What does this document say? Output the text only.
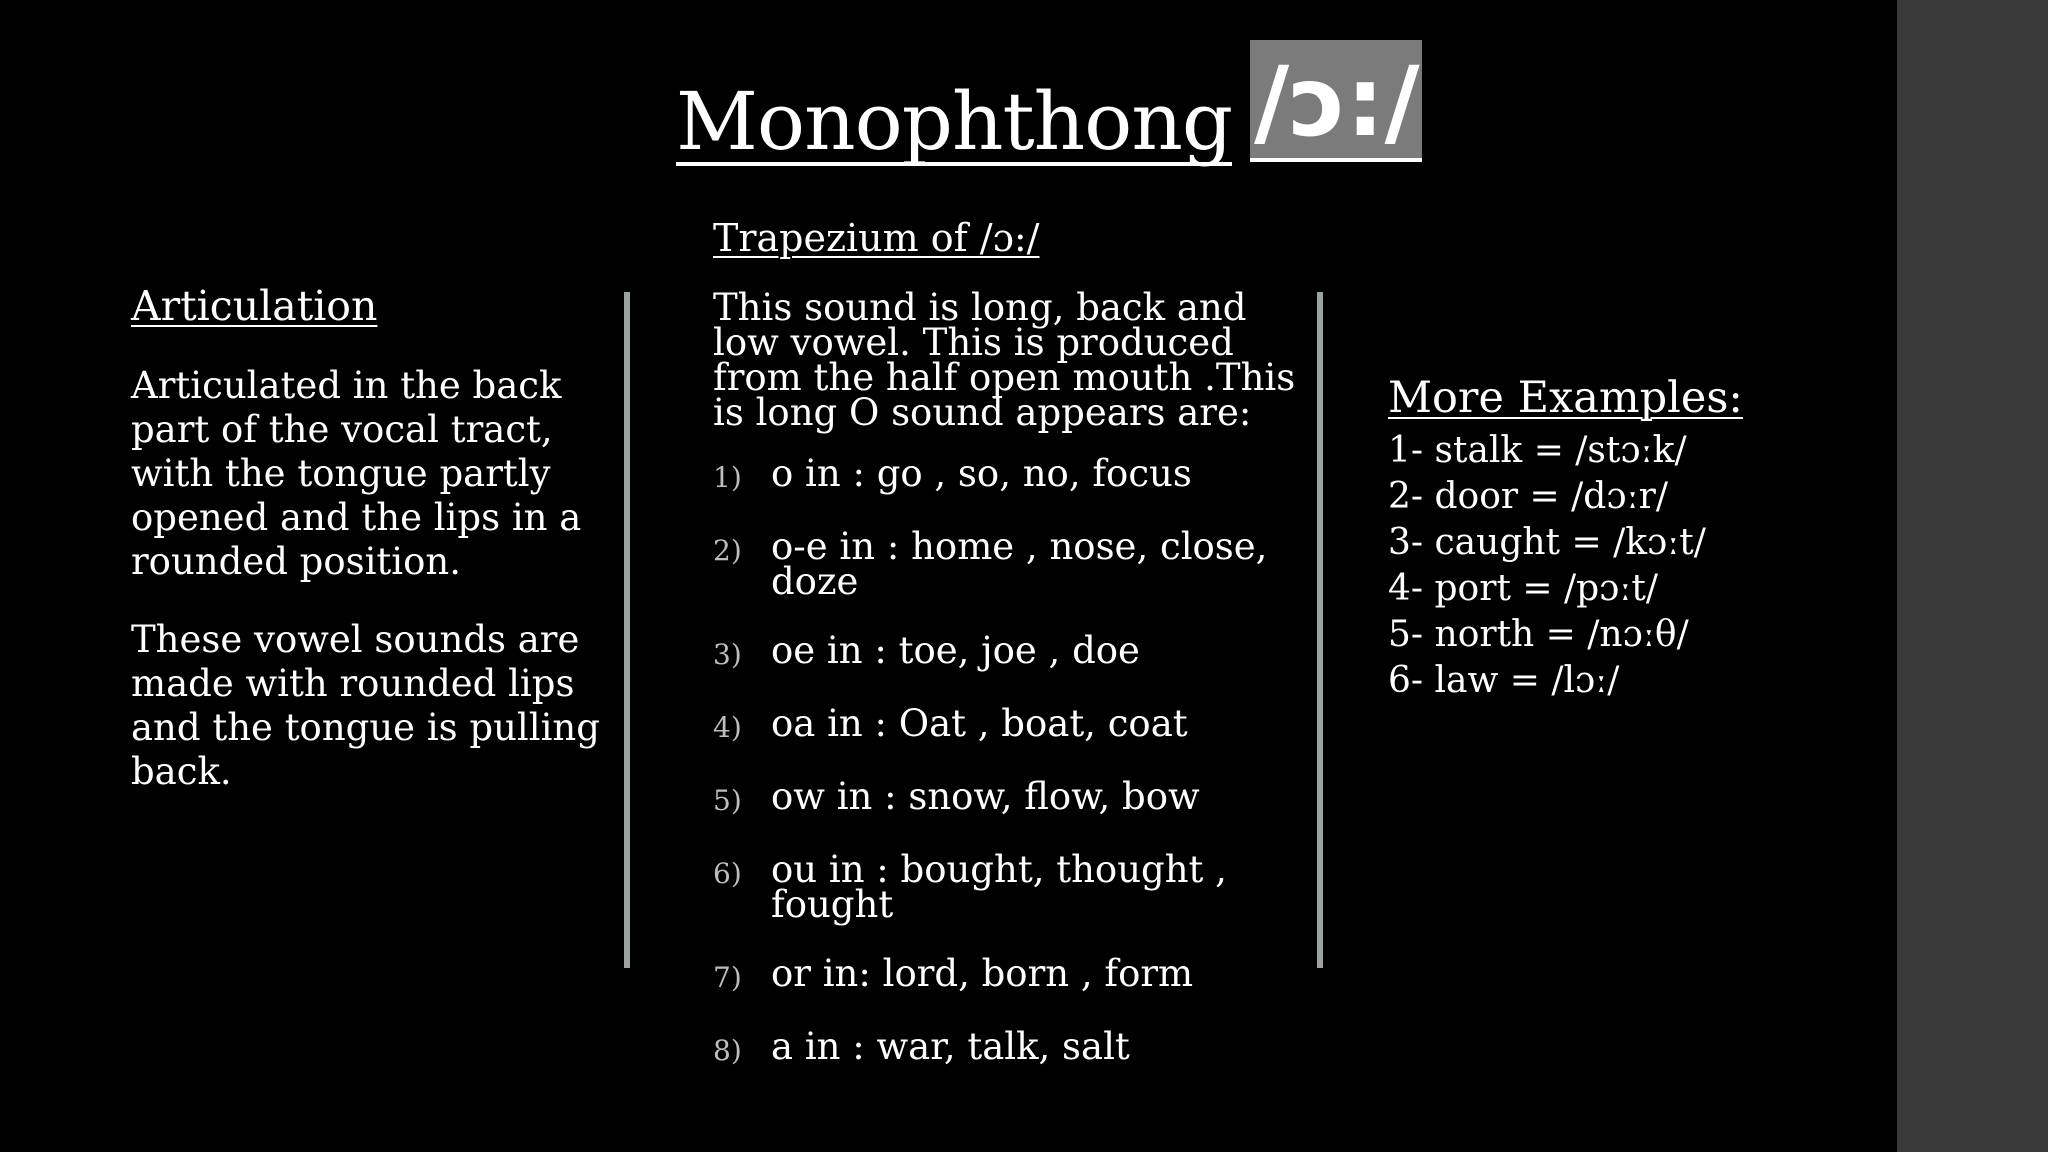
Monophthong /ɔ:/
Articulation

Articulated in the back part of the vocal tract, with the tongue partly opened and the lips in a rounded position.

These vowel sounds are made with rounded lips and the tongue is pulling back.

Trapezium of /ɔ:/

This sound is long, back and low vowel. This is produced from the half open mouth .This is long O sound appears are:

1) o in : go , so, no, focus
2) o-e in : home , nose, close, doze
3) oe in : toe, joe , doe
4) oa in : Oat , boat, coat
5) ow in : snow, flow, bow
6) ou in : bought, thought , fought
7) or in: lord, born , form
8) a in : war, talk, salt
More Examples:
1- stalk = /stɔːk/
2- door = /dɔːr/
3- caught = /kɔːt/
4- port = /pɔːt/
5- north = /nɔːθ/
6- law = /lɔː/
